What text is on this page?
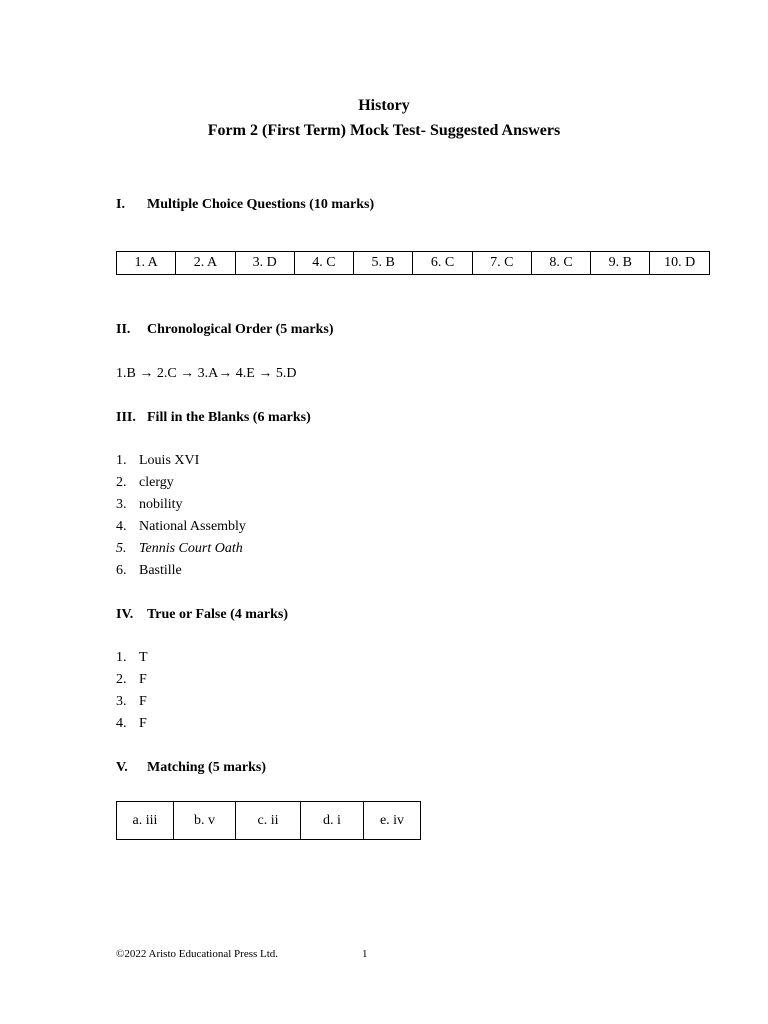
History
Form 2 (First Term) Mock Test- Suggested Answers
I. Multiple Choice Questions (10 marks)
1. A	2. A	3. D	4. C	5. B	6. C	7. C	8. C	9. B	10. D
II. Chronological Order (5 marks)
1.B → 2.C → 3.A→ 4.E → 5.D
III. Fill in the Blanks (6 marks)
1. Louis XVI
2. clergy
3. nobility
4. National Assembly
5. Tennis Court Oath
6. Bastille
IV. True or False (4 marks)
1. T
2. F
3. F
4. F
V. Matching (5 marks)
a. iii	b. v	c. ii	d. i	e. iv
©2022 Aristo Educational Press Ltd.	1
